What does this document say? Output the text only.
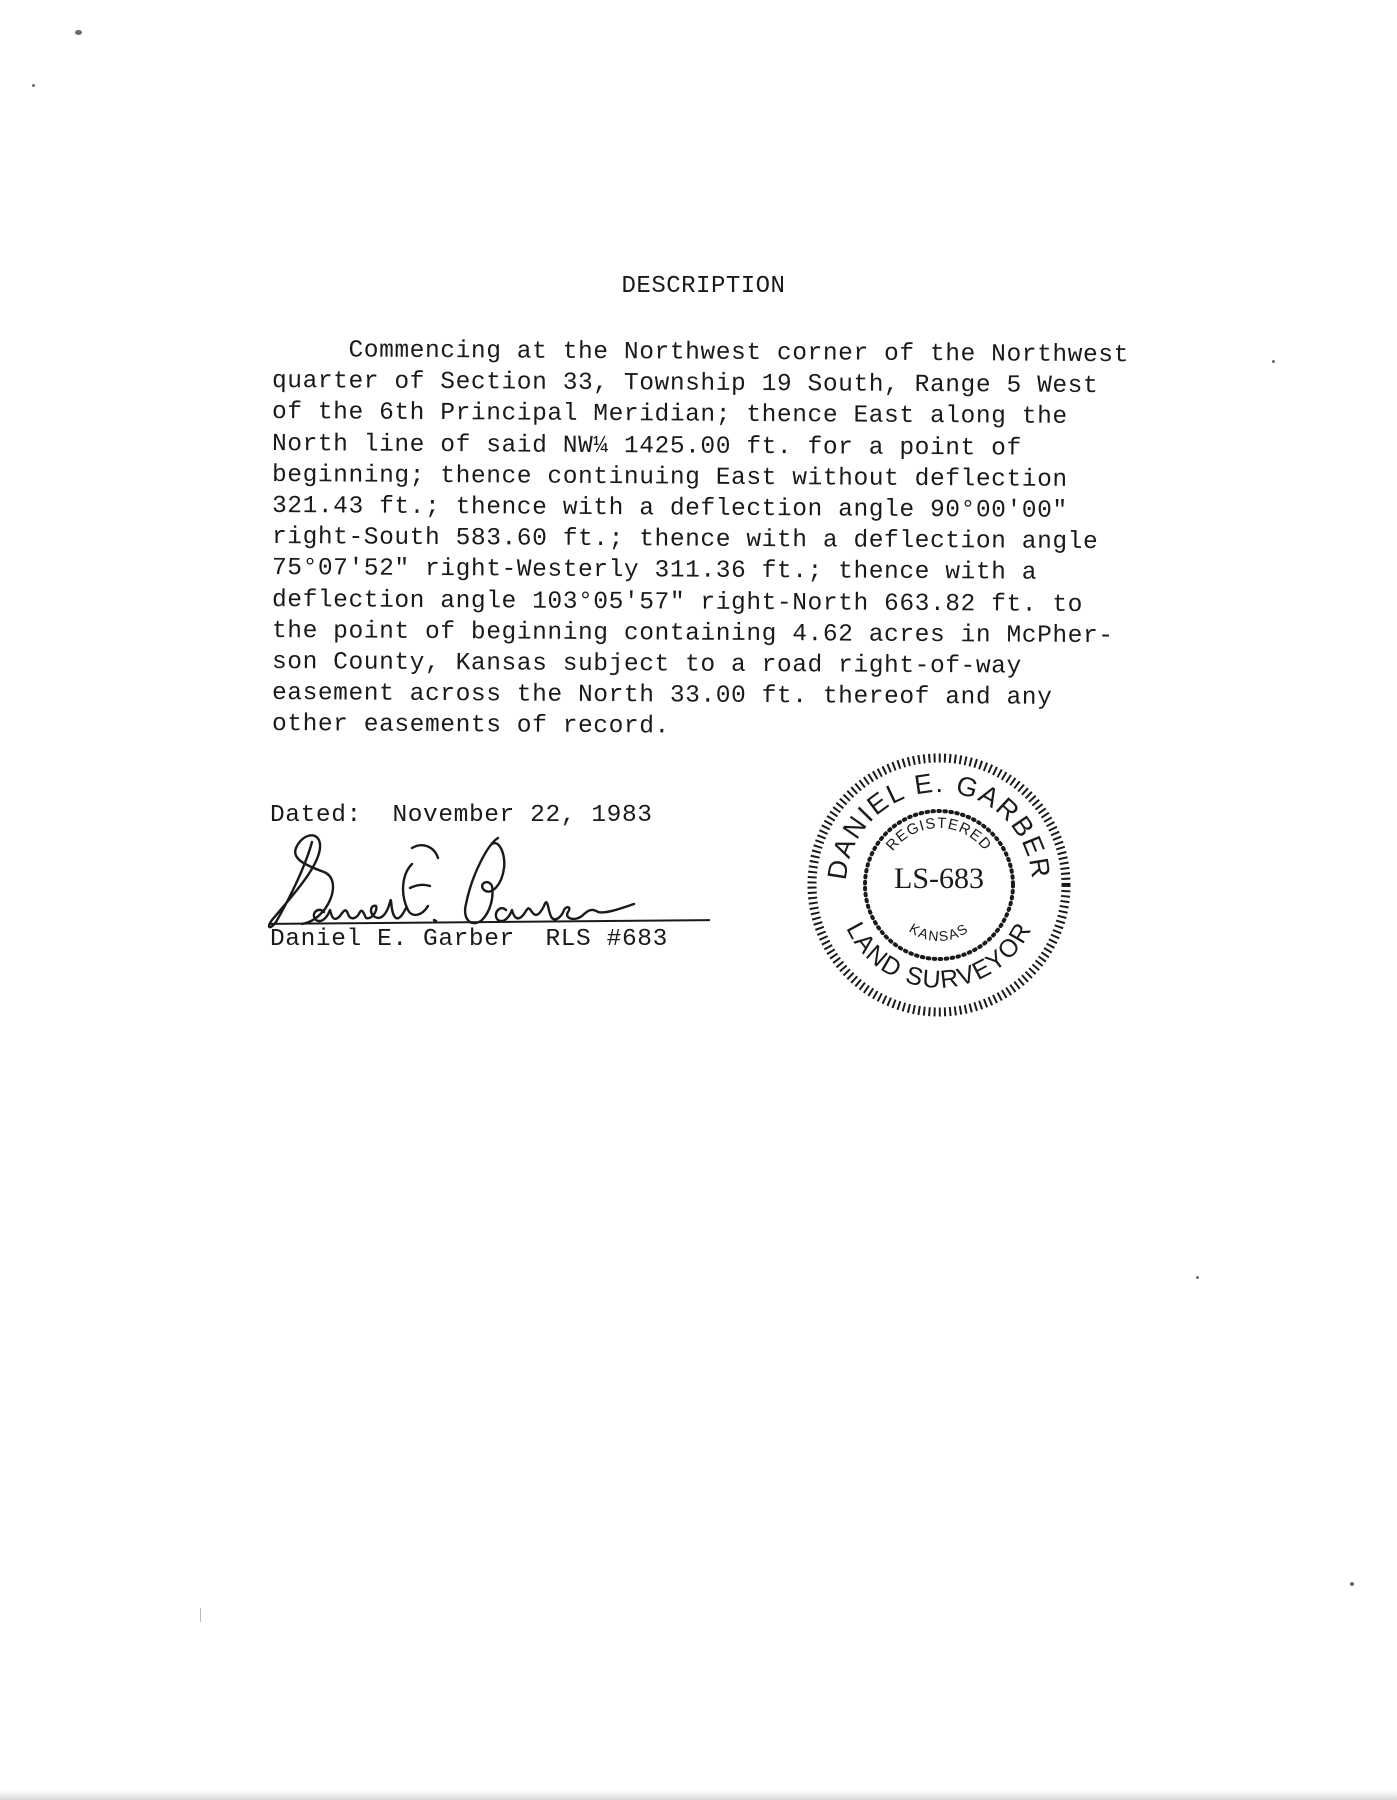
DESCRIPTION
Commencing at the Northwest corner of the Northwest
quarter of Section 33, Township 19 South, Range 5 West
of the 6th Principal Meridian; thence East along the
North line of said NW¼ 1425.00 ft. for a point of
beginning; thence continuing East without deflection
321.43 ft.; thence with a deflection angle 90°00'00"
right-South 583.60 ft.; thence with a deflection angle
75°07'52" right-Westerly 311.36 ft.; thence with a
deflection angle 103°05'57" right-North 663.82 ft. to
the point of beginning containing 4.62 acres in McPher-
son County, Kansas subject to a road right-of-way
easement across the North 33.00 ft. thereof and any
other easements of record.
Dated: November 22, 1983
Daniel E. Garber RLS #683
DANIEL E. GARBER
LAND SURVEYOR
REGISTERED
KANSAS
LS-683
